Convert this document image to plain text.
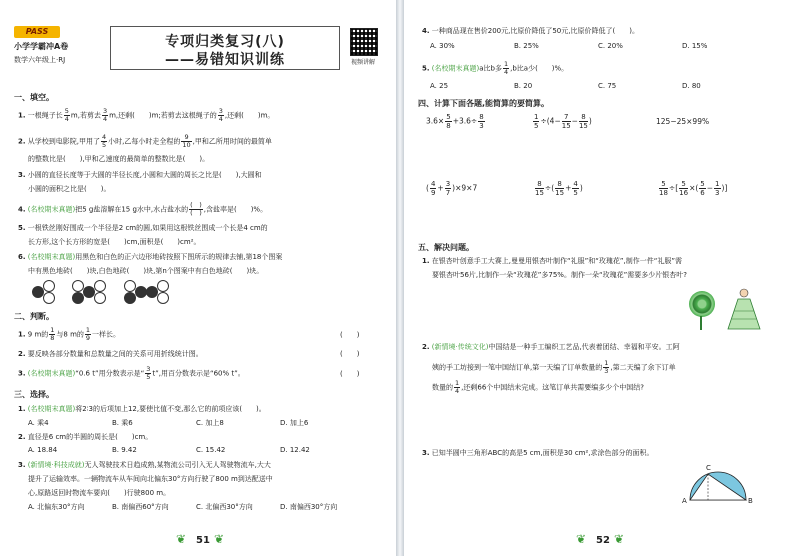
PASS
小学学霸冲A卷
数学六年级上·RJ
专项归类复习(八)
——易错知识训练	视频讲解
一、填空。
1. 一根绳子长 $\frac{5}{4} m$,若剪去 $\frac{3}{4} m$,还剩(　　)m;若剪去这根绳子的 $\frac{3}{4}$ ,还剩(　　)m。
2. 从学校到电影院,甲用了 $\frac{4}{5}$ 小时,乙每小时走全程的 $\frac{9}{10}$ ,甲和乙所用时间的最简单
的整数比是(　　),甲和乙速度的最简单的整数比是(　　)。
3. 小圆的直径长度等于大圆的半径长度,小圆和大圆的周长之比是(　　),大圆和
小圆的面积之比是(　　)。
4. (名校期末真题)把5 g盐溶解在15 g水中,水占盐水的 $\frac{( )}{( )}$ ,含盐率是(　　)%。
5. 一根铁丝刚好围成一个半径是2 cm的圆,如果用这根铁丝围成一个长是4 cm的
长方形,这个长方形的宽是(　　)cm,面积是(　　)cm²。
6. (名校期末真题)用黑色和白色的正六边形地砖按照下图所示的规律去铺,第18个图案
中有黑色地砖(　　)块,白色地砖(　　)块,第n个图案中有白色地砖(　　)块。
二、判断。
1. 9 m的 $\frac{1}{8}$ 与8 m的 $\frac{1}{9}$ 一样长。	(　　)
2. 要反映各部分数量和总数量之间的关系可用折线统计图。	(　　)
3. (名校期末真题)“0.6 t”用分数表示是“ $\frac{3}{5} t$”,用百分数表示是“60% t”。	(　　)
三、选择。
1. (名校期末真题)将2∶3的后项加上12,要使比值不变,那么它的前项应该(　　)。
A. 乘4	B. 乘6	C. 加上8	D. 加上6
2. 直径是6 cm的半圆的周长是(　　)cm。
A. 18.84	B. 9.42	C. 15.42	D. 12.42
3. (新情境·科技成就)无人驾驶技术日趋成熟,某物流公司引入无人驾驶物流车,大大
提升了运输效率。一辆物流车从车间向北偏东30°方向行驶了800 m到达配送中
心,原路返回时物流车要向(　　)行驶800 m。
A. 北偏东30°方向	B. 南偏西60°方向	C. 北偏西30°方向	D. 南偏西30°方向
❦ 51 ❦
4. 一种商品现在售价200元,比原价降低了50元,比原价降低了(　　)。
A. 30%	B. 25%	C. 20%	D. 15%
5. (名校期末真题)a比b多 $\frac{1}{4} ,b$比a少(　　)%。
A. 25	B. 20	C. 75	D. 80
四、计算下面各题,能简算的要简算。
$3.6\times \frac{5}{8} +3.6\div \frac{8}{3}$	$\frac{1}{5} \div(4- \frac{7}{15} - \frac{8}{15}$ )	125−25×99%
( $\frac{4}{9} + \frac{3}{7} )\times 9\times 7$	$\frac{8}{15}$ ÷( $\frac{8}{15} + \frac{4}{5}$ )	$\frac{5}{18}$ ÷[ $\frac{5}{16}$ ×( $\frac{5}{6} - \frac{1}{3}$ )]
五、解决问题。
1. 在银杏叶创意手工大赛上,曼曼用银杏叶制作“礼服”和“玫瑰花”,制作一件“礼服”需
要银杏叶56片,比制作一朵“玫瑰花”多75%。制作一朵“玫瑰花”需要多少片银杏叶?
2. (新情境·传统文化)中国结是一种手工编织工艺品,代表着团结、幸福和平安。工阿
姨的手工坊接到一笔中国结订单,第一天编了订单数量的 $\frac{1}{3}$ ,第二天编了余下订单
数量的 $\frac{1}{4}$ ,还剩66个中国结未完成。这笔订单共需要编多少个中国结?
3. 已知半圆中三角形ABC的高是5 cm,面积是30 cm²,求涂色部分的面积。
A
C
B
❦ 52 ❦
